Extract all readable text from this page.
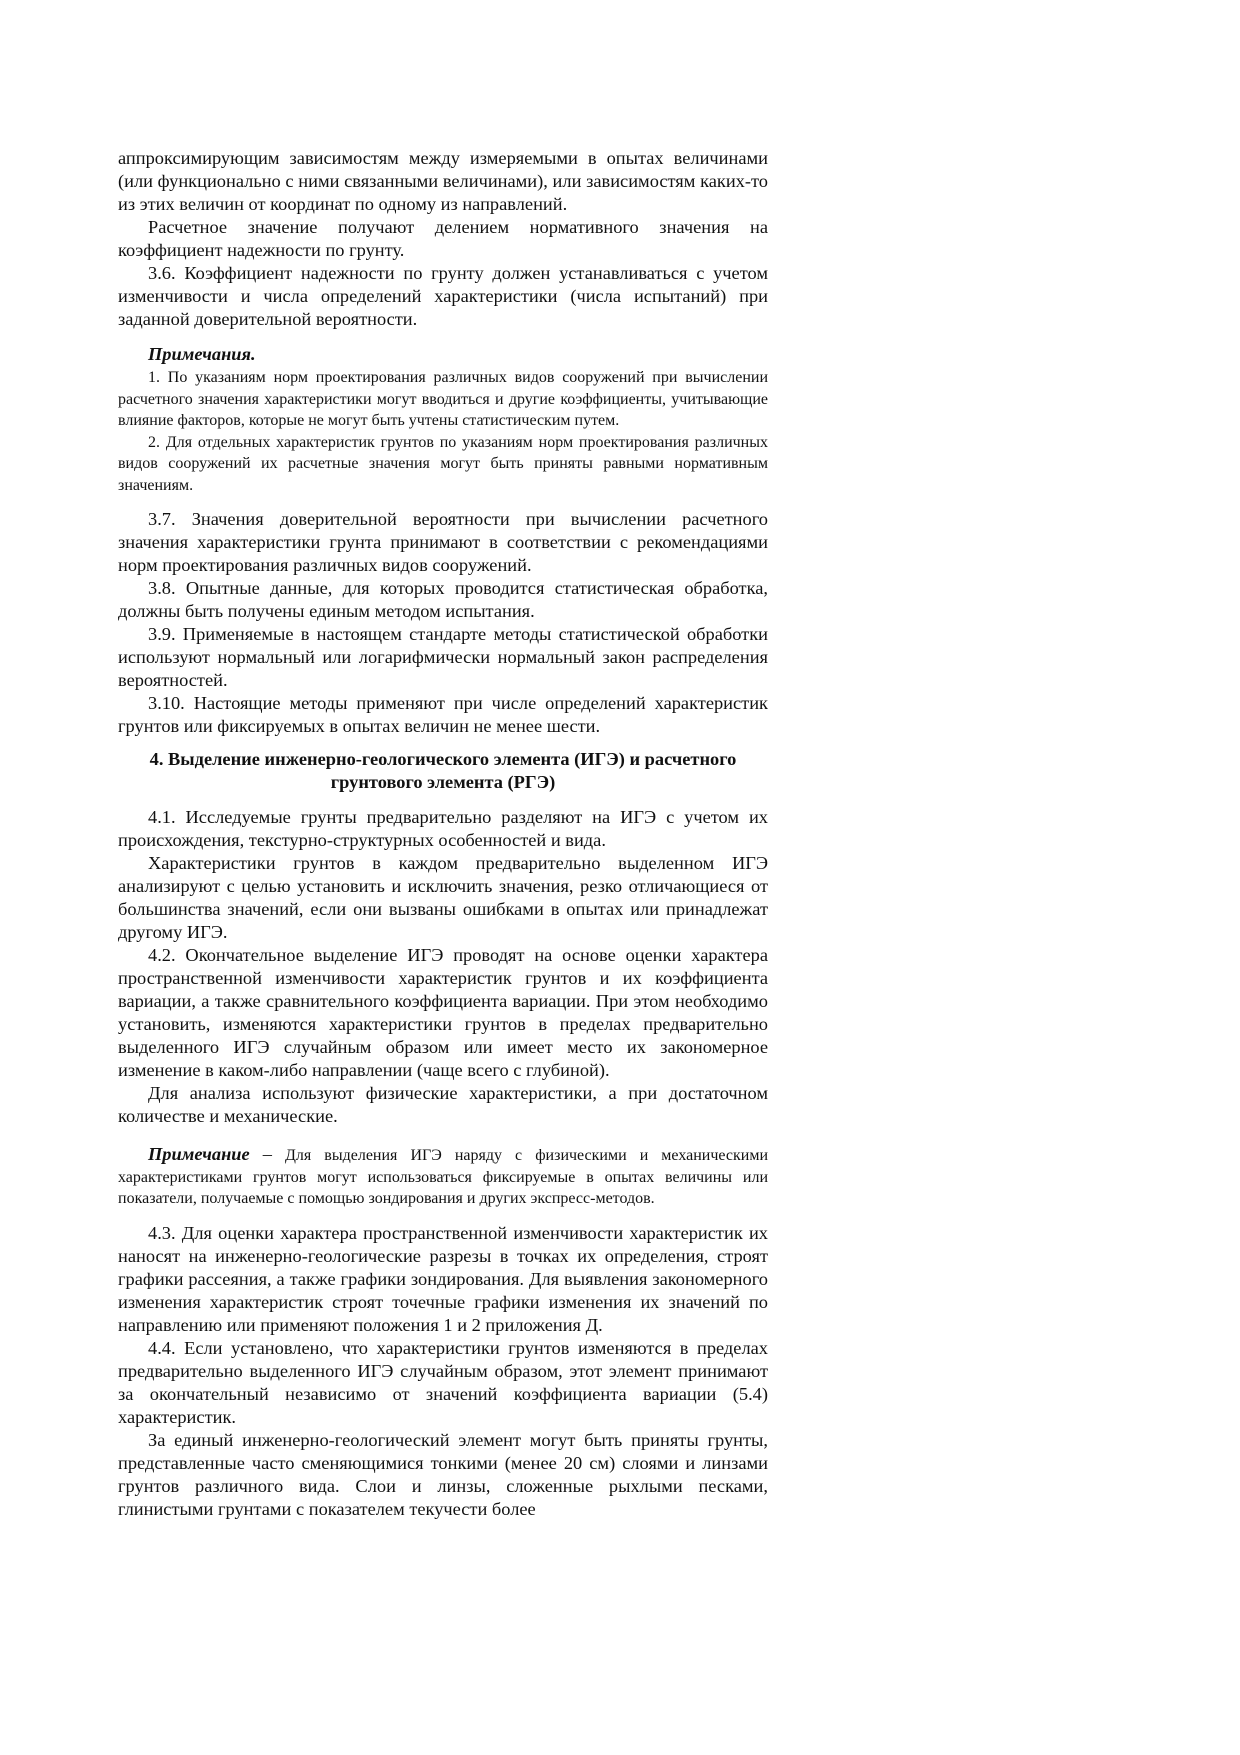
аппроксимирующим зависимостям между измеряемыми в опытах величинами (или функционально с ними связанными величинами), или зависимостям каких-то из этих величин от координат по одному из направлений.

Расчетное значение получают делением нормативного значения на коэффициент надежности по грунту.

3.6. Коэффициент надежности по грунту должен устанавливаться с учетом изменчивости и числа определений характеристики (числа испытаний) при заданной доверительной вероятности.

Примечания.

1. По указаниям норм проектирования различных видов сооружений при вычислении расчетного значения характеристики могут вводиться и другие коэффициенты, учитывающие влияние факторов, которые не могут быть учтены статистическим путем.

2. Для отдельных характеристик грунтов по указаниям норм проектирования различных видов сооружений их расчетные значения могут быть приняты равными нормативным значениям.

3.7. Значения доверительной вероятности при вычислении расчетного значения характеристики грунта принимают в соответствии с рекомендациями норм проектирования различных видов сооружений.

3.8. Опытные данные, для которых проводится статистическая обработка, должны быть получены единым методом испытания.

3.9. Применяемые в настоящем стандарте методы статистической обработки используют нормальный или логарифмически нормальный закон распределения вероятностей.

3.10. Настоящие методы применяют при числе определений характеристик грунтов или фиксируемых в опытах величин не менее шести.

4. Выделение инженерно-геологического элемента (ИГЭ) и расчетного грунтового элемента (РГЭ)

4.1. Исследуемые грунты предварительно разделяют на ИГЭ с учетом их происхождения, текстурно-структурных особенностей и вида.

Характеристики грунтов в каждом предварительно выделенном ИГЭ анализируют с целью установить и исключить значения, резко отличающиеся от большинства значений, если они вызваны ошибками в опытах или принадлежат другому ИГЭ.

4.2. Окончательное выделение ИГЭ проводят на основе оценки характера пространственной изменчивости характеристик грунтов и их коэффициента вариации, а также сравнительного коэффициента вариации. При этом необходимо установить, изменяются характеристики грунтов в пределах предварительно выделенного ИГЭ случайным образом или имеет место их закономерное изменение в каком-либо направлении (чаще всего с глубиной).

Для анализа используют физические характеристики, а при достаточном количестве и механические.

Примечание – Для выделения ИГЭ наряду с физическими и механическими характеристиками грунтов могут использоваться фиксируемые в опытах величины или показатели, получаемые с помощью зондирования и других экспресс-методов.

4.3. Для оценки характера пространственной изменчивости характеристик их наносят на инженерно-геологические разрезы в точках их определения, строят графики рассеяния, а также графики зондирования. Для выявления закономерного изменения характеристик строят точечные графики изменения их значений по направлению или применяют положения 1 и 2 приложения Д.

4.4. Если установлено, что характеристики грунтов изменяются в пределах предварительно выделенного ИГЭ случайным образом, этот элемент принимают за окончательный независимо от значений коэффициента вариации (5.4) характеристик.

За единый инженерно-геологический элемент могут быть приняты грунты, представленные часто сменяющимися тонкими (менее 20 см) слоями и линзами грунтов различного вида. Слои и линзы, сложенные рыхлыми песками, глинистыми грунтами с показателем текучести более
